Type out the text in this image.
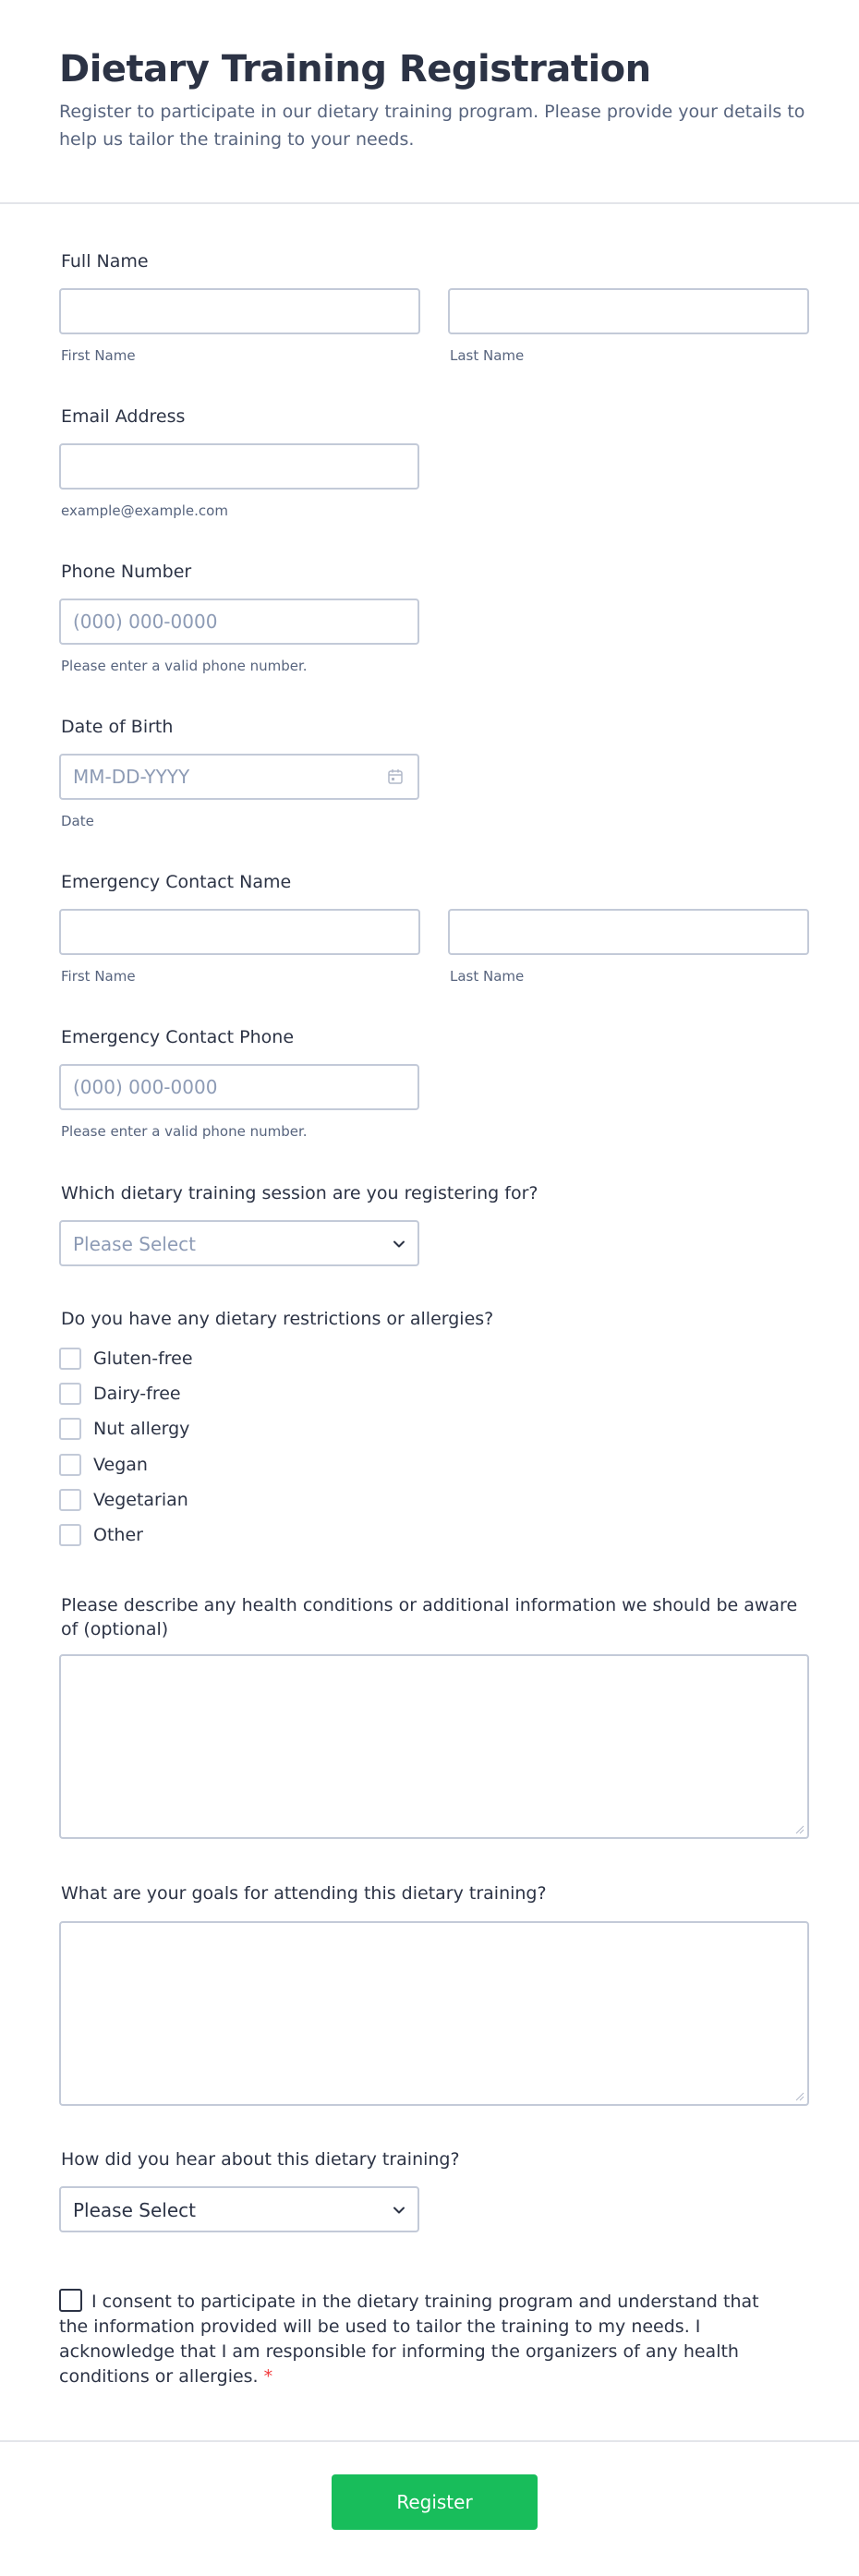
Dietary Training Registration

Register to participate in our dietary training program. Please provide your details to help us tailor the training to your needs.

Full Name
First Name	Last Name
Email Address
example@example.com
Phone Number
(000) 000-0000
Please enter a valid phone number.
Date of Birth
MM-DD-YYYY
Date
Emergency Contact Name
First Name	Last Name
Emergency Contact Phone
(000) 000-0000
Please enter a valid phone number.
Which dietary training session are you registering for?
Please Select
Do you have any dietary restrictions or allergies?
Gluten-free
Dairy-free
Nut allergy
Vegan
Vegetarian
Other
Please describe any health conditions or additional information we should be aware of (optional)
What are your goals for attending this dietary training?
How did you hear about this dietary training?
Please Select
I consent to participate in the dietary training program and understand that the information provided will be used to tailor the training to my needs. I acknowledge that I am responsible for informing the organizers of any health conditions or allergies. *
Register
